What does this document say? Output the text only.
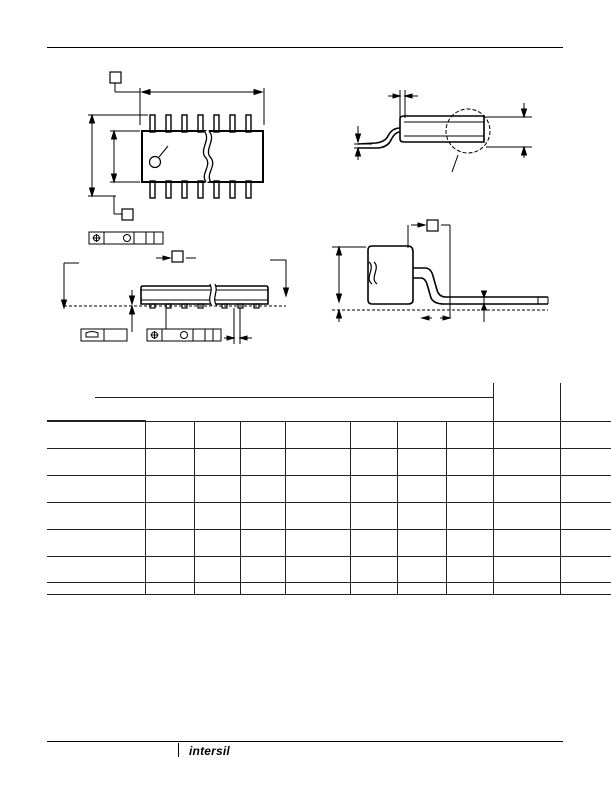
intersil
